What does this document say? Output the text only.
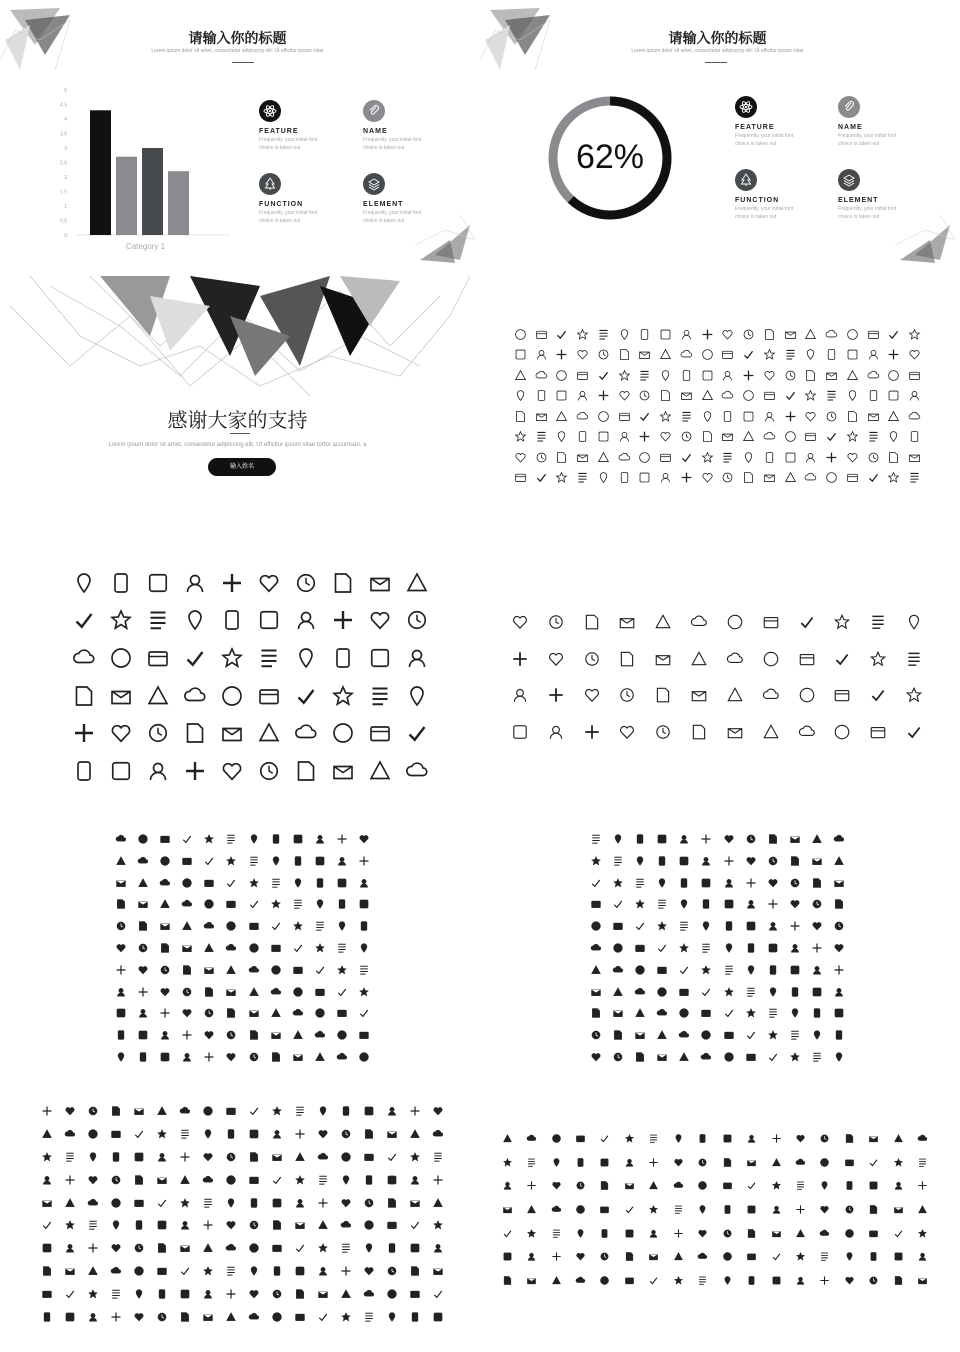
请输入你的标题
Lorem ipsum dolor sit amet, consectetur adipiscing elit. Ut efficitur ipsum vitae
0
0.5
1
1.5
2
2.5
3
3.5
4
4.5
5
Category 1
FEATURE
Frequently, your initial font
choice is taken out
NAME
Frequently, your initial font
choice is taken out
FUNCTION
Frequently, your initial font
choice is taken out
ELEMENT
Frequently, your initial font
choice is taken out
请输入你的标题
Lorem ipsum dolor sit amet, consectetur adipiscing elit. Ut efficitur ipsum vitae
62%
FEATURE
Frequently, your initial font
choice is taken out
NAME
Frequently, your initial font
choice is taken out
FUNCTION
Frequently, your initial font
choice is taken out
ELEMENT
Frequently, your initial font
choice is taken out
感谢大家的支持
Lorem ipsum dolor sit amet, consectetur adipiscing elit. Ut efficitur ipsum vitae tortor accumsan, a
输入姓名
